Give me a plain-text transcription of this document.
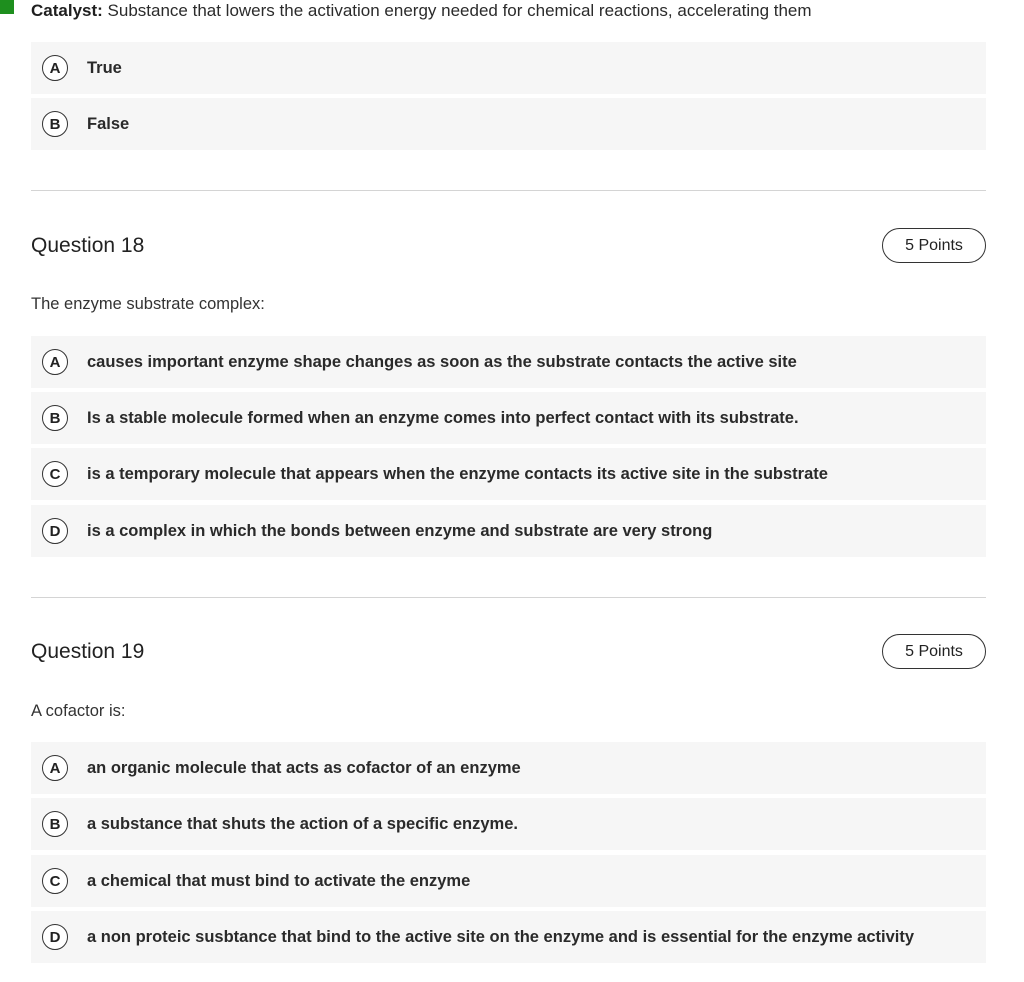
Catalyst: Substance that lowers the activation energy needed for chemical reactions, accelerating them
A	True
B	False
Question 18	5 Points
The enzyme substrate complex:
A	causes important enzyme shape changes as soon as the substrate contacts the active site
B	Is a stable molecule formed when an enzyme comes into perfect contact with its substrate.
C	is a temporary molecule that appears when the enzyme contacts its active site in the substrate
D	is a complex in which the bonds between enzyme and substrate are very strong
Question 19	5 Points
A cofactor is:
A	an organic molecule that acts as cofactor of an enzyme
B	a substance that shuts the action of a specific enzyme.
C	a chemical that must bind to activate the enzyme
D	a non proteic susbtance that bind to the active site on the enzyme and is essential for the enzyme activity
